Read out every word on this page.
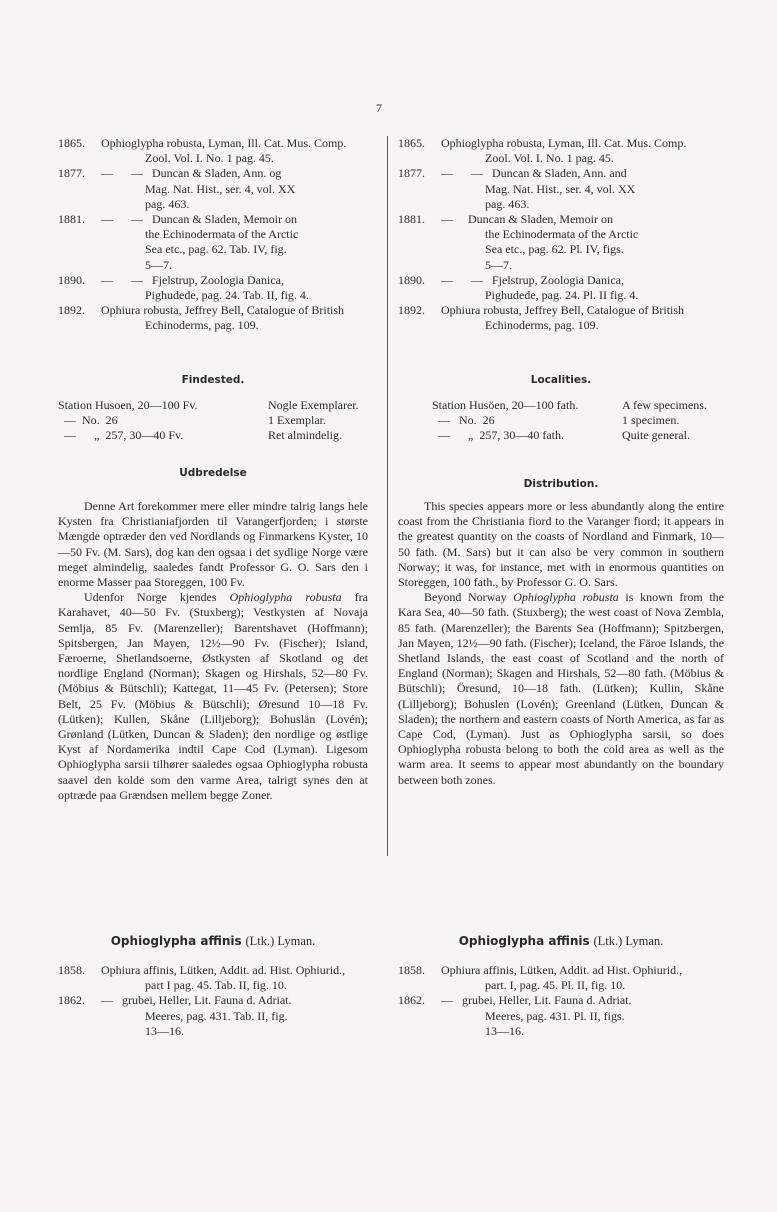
7
1865.	Ophioglypha robusta, Lyman, Ill. Cat. Mus. Comp.
Zool. Vol. I. No. 1 pag. 45.
1877.	—      —   Duncan & Sladen, Ann. og
Mag. Nat. Hist., ser. 4, vol. XX
pag. 463.
1881.	—      —   Duncan & Sladen, Memoir on
the Echinodermata of the Arctic
Sea etc., pag. 62. Tab. IV, fig.
5—7.
1890.	—      —   Fjelstrup, Zoologia Danica,
Pighudede, pag. 24. Tab. II, fig. 4.
1892.	Ophiura robusta, Jeffrey Bell, Catalogue of British
Echinoderms, pag. 109.
Findested.
Station Husoen, 20—100 Fv.	Nogle Exemplarer.
—  No.  26	1 Exemplar.
—      „  257, 30—40 Fv.	Ret almindelig.
Udbredelse

Denne Art forekommer mere eller mindre talrig langs hele Kysten fra Christianiafjorden til Varangerfjorden; i største Mængde optræder den ved Nordlands og Finmarkens Kyster, 10—50 Fv. (M. Sars), dog kan den ogsaa i det sydlige Norge være meget almindelig, saaledes fandt Professor G. O. Sars den i enorme Masser paa Storeggen, 100 Fv.

Udenfor Norge kjendes Ophioglypha robusta fra Karahavet, 40—50 Fv. (Stuxberg); Vestkysten af Novaja Semlja, 85 Fv. (Marenzeller); Barentshavet (Hoffmann); Spitsbergen, Jan Mayen, 12½—90 Fv. (Fischer); Island, Færoerne, Shetlandsoerne, Østkysten af Skotland og det nordlige England (Norman); Skagen og Hirshals, 52—80 Fv. (Möbius & Bütschli); Kattegat, 11—45 Fv. (Petersen); Store Belt, 25 Fv. (Möbius & Bütschli); Øresund 10—18 Fv. (Lütken); Kullen, Skåne (Lilljeborg); Bohuslän (Lovén); Grønland (Lütken, Duncan & Sladen); den nordlige og østlige Kyst af Nordamerika indtil Cape Cod (Lyman). Ligesom Ophioglypha sarsii tilhører saaledes ogsaa Ophioglypha robusta saavel den kolde som den varme Area, talrigt synes den at optræde paa Grændsen mellem begge Zoner.

Ophioglypha affinis (Ltk.) Lyman.
1858.	Ophiura affinis, Lütken, Addit. ad. Hist. Ophiurid.,
part I pag. 45. Tab. II, fig. 10.
1862.	—   grubei, Heller, Lit. Fauna d. Adriat.
Meeres, pag. 431. Tab. II, fig.
13—16.
1865.	Ophioglypha robusta, Lyman, Ill. Cat. Mus. Comp.
Zool. Vol. I. No. 1 pag. 45.
1877.	—      —   Duncan & Sladen, Ann. and
Mag. Nat. Hist., ser. 4, vol. XX
pag. 463.
1881.	—     Duncan & Sladen, Memoir on
the Echinodermata of the Arctic
Sea etc., pag. 62. Pl. IV, figs.
5—7.
1890.	—      —   Fjelstrup, Zoologia Danica,
Pighudede, pag. 24. Pl. II fig. 4.
1892.	Ophiura robusta, Jeffrey Bell, Catalogue of British
Echinoderms, pag. 109.
Localities.
Station Husöen, 20—100 fath.	A few specimens.
—   No.  26	1 specimen.
—      „  257, 30—40 fath.	Quite general.
Distribution.

This species appears more or less abundantly along the entire coast from the Christiania fiord to the Varanger fiord; it appears in the greatest quantity on the coasts of Nordland and Finmark, 10—50 fath. (M. Sars) but it can also be very common in southern Norway; it was, for instance, met with in enormous quantities on Storeggen, 100 fath., by Professor G. O. Sars.

Beyond Norway Ophioglypha robusta is known from the Kara Sea, 40—50 fath. (Stuxberg); the west coast of Nova Zembla, 85 fath. (Marenzeller); the Barents Sea (Hoffmann); Spitzbergen, Jan Mayen, 12½—90 fath. (Fischer); Iceland, the Färoe Islands, the Shetland Islands, the east coast of Scotland and the north of England (Norman); Skagen and Hirshals, 52—80 fath. (Möbius & Bütschli); Öresund, 10—18 fath. (Lütken); Kullin, Skåne (Lilljeborg); Bohuslen (Lovén); Greenland (Lütken, Duncan & Sladen); the northern and eastern coasts of North America, as far as Cape Cod, (Lyman). Just as Ophioglypha sarsii, so does Ophioglypha robusta belong to both the cold area as well as the warm area. It seems to appear most abundantly on the boundary between both zones.

Ophioglypha affinis (Ltk.) Lyman.
1858.	Ophiura affinis, Lütken, Addit. ad Hist. Ophiurid.,
part. I, pag. 45. Pl. II, fig. 10.
1862.	—   grubei, Heller, Lit. Fauna d. Adriat.
Meeres, pag. 431. Pl. II, figs.
13—16.
